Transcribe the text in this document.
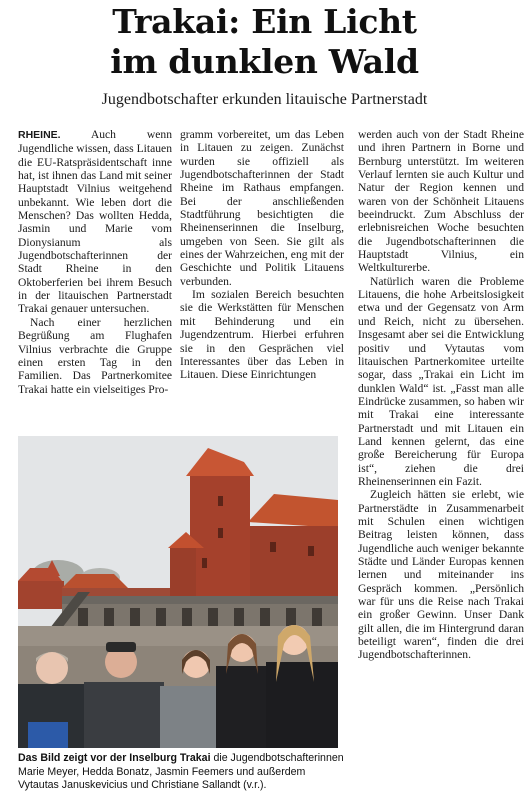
Trakai: Ein Licht
im dunklen Wald
Jugendbotschafter erkunden litauische Partnerstadt

RHEINE. Auch wenn Jugendliche wissen, dass Litauen die EU-Ratspräsidentschaft inne hat, ist ihnen das Land mit seiner Hauptstadt Vilnius weitgehend unbekannt. Wie leben dort die Menschen? Das wollten Hedda, Jasmin und Marie vom Dionysianum als Jugendbotschafterinnen der Stadt Rheine in den Oktoberferien bei ihrem Besuch in der litauischen Partnerstadt Trakai genauer untersuchen.

Nach einer herzlichen Begrüßung am Flughafen Vilnius verbrachte die Gruppe einen ersten Tag in den Familien. Das Partnerkomitee Trakai hatte ein vielseitiges Pro-

gramm vorbereitet, um das Leben in Litauen zu zeigen. Zunächst wurden sie offiziell als Jugendbotschafterinnen der Stadt Rheine im Rathaus empfangen. Bei der anschließenden Stadtführung besichtigten die Rheinenserinnen die Inselburg, umgeben von Seen. Sie gilt als eines der Wahrzeichen, eng mit der Geschichte und Politik Litauens verbunden.

Im sozialen Bereich besuchten sie die Werkstätten für Menschen mit Behinderung und ein Jugendzentrum. Hierbei erfuhren sie in den Gesprächen viel Interessantes über das Leben in Litauen. Diese Einrichtungen

werden auch von der Stadt Rheine und ihren Partnern in Borne und Bernburg unterstützt. Im weiteren Verlauf lernten sie auch Kultur und Natur der Region kennen und waren von der Schönheit Litauens beeindruckt. Zum Abschluss der erlebnisreichen Woche besuchten die Jugendbotschafterinnen die Hauptstadt Vilnius, ein Weltkulturerbe.

Natürlich waren die Probleme Litauens, die hohe Arbeitslosigkeit etwa und der Gegensatz von Arm und Reich, nicht zu übersehen. Insgesamt aber sei die Entwicklung positiv und Vytautas vom litauischen Partnerkomitee urteilte sogar, dass „Trakai ein Licht im dunklen Wald“ ist. „Fasst man alle Eindrücke zusammen, so haben wir mit Trakai eine interessante Partnerstadt und mit Litauen ein Land kennen gelernt, das eine große Bereicherung für Europa ist“, ziehen die drei Rheinenserinnen ein Fazit.

Zugleich hätten sie erlebt, wie Partnerstädte in Zusammenarbeit mit Schulen einen wichtigen Beitrag leisten können, dass Jugendliche auch weniger bekannte Städte und Länder Europas kennen lernen und miteinander ins Gespräch kommen. „Persönlich war für uns die Reise nach Trakai ein großer Gewinn. Unser Dank gilt allen, die im Hintergrund daran beteiligt waren“, finden die drei Jugendbotschafterinnen.

Das Bild zeigt vor der Inselburg Trakai die Jugendbotschafterinnen Marie Meyer, Hedda Bonatz, Jasmin Feemers und außerdem Vytautas Januskevicius und Christiane Sallandt (v.r.).
